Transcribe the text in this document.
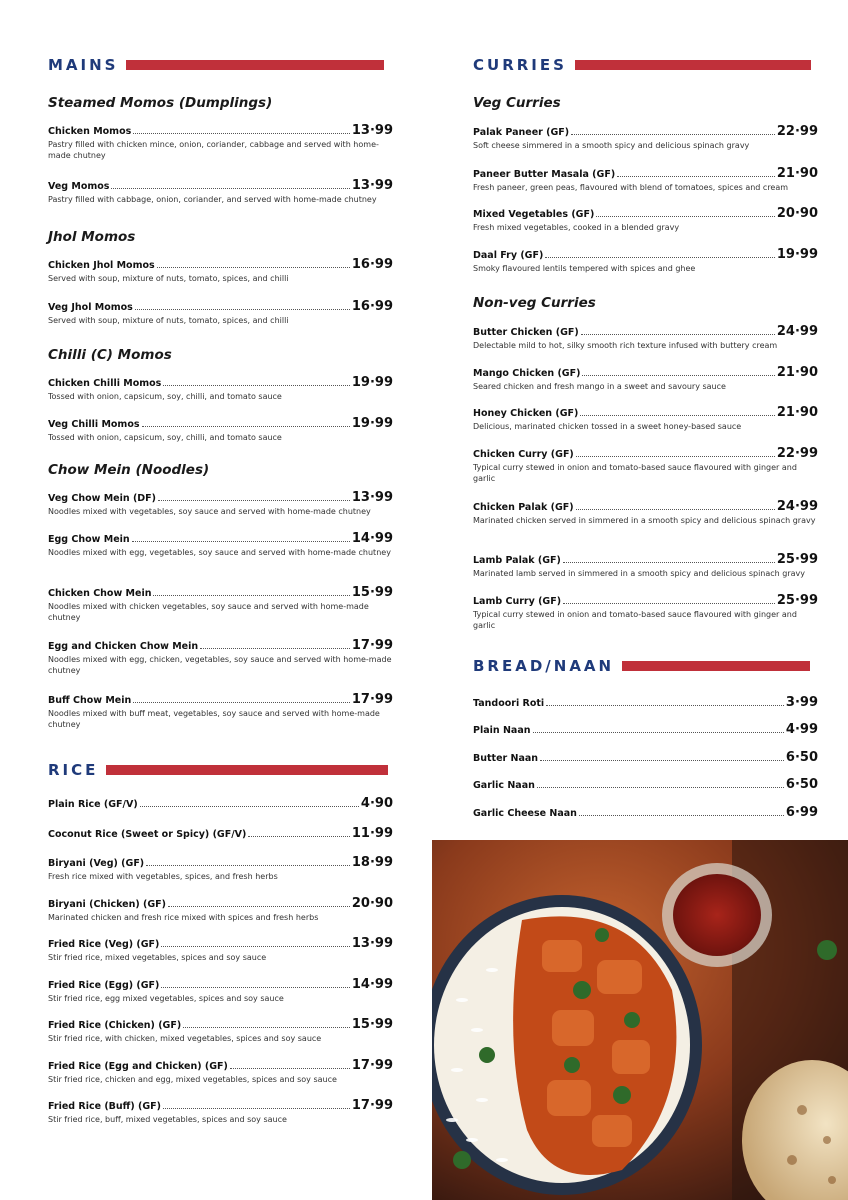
MAINS
Steamed Momos (Dumplings)
Chicken Momos	13·99
Pastry filled with chicken mince, onion, coriander, cabbage and served with home-made chutney
Veg Momos	13·99
Pastry filled with cabbage, onion, coriander, and served with home-made chutney
Jhol Momos
Chicken Jhol Momos	16·99
Served with soup, mixture of nuts, tomato, spices, and chilli
Veg Jhol Momos	16·99
Served with soup, mixture of nuts, tomato, spices, and chilli
Chilli (C) Momos
Chicken Chilli Momos	19·99
Tossed with onion, capsicum, soy, chilli, and tomato sauce
Veg Chilli Momos	19·99
Tossed with onion, capsicum, soy, chilli, and tomato sauce
Chow Mein (Noodles)
Veg Chow Mein (DF)	13·99
Noodles mixed with vegetables, soy sauce and served with home-made chutney
Egg Chow Mein	14·99
Noodles mixed with egg, vegetables, soy sauce and served with home-made chutney
Chicken Chow Mein	15·99
Noodles mixed with chicken vegetables, soy sauce and served with home-made chutney
Egg and Chicken Chow Mein	17·99
Noodles mixed with egg, chicken, vegetables, soy sauce and served with home-made chutney
Buff Chow Mein	17·99
Noodles mixed with buff meat, vegetables, soy sauce and served with home-made chutney
RICE
Plain Rice (GF/V)	4·90
Coconut Rice (Sweet or Spicy) (GF/V)	11·99
Biryani (Veg) (GF)	18·99
Fresh rice mixed with vegetables, spices, and fresh herbs
Biryani (Chicken) (GF)	20·90
Marinated chicken and fresh rice mixed with spices and fresh herbs
Fried Rice (Veg) (GF)	13·99
Stir fried rice, mixed vegetables, spices and soy sauce
Fried Rice (Egg) (GF)	14·99
Stir fried rice, egg mixed vegetables, spices and soy sauce
Fried Rice (Chicken) (GF)	15·99
Stir fried rice, with chicken, mixed vegetables, spices and soy sauce
Fried Rice (Egg and Chicken) (GF)	17·99
Stir fried rice, chicken and egg, mixed vegetables, spices and soy sauce
Fried Rice (Buff) (GF)	17·99
Stir fried rice, buff, mixed vegetables, spices and soy sauce
CURRIES
Veg Curries
Palak Paneer (GF)	22·99
Soft cheese simmered in a smooth spicy and delicious spinach gravy
Paneer Butter Masala (GF)	21·90
Fresh paneer, green peas, flavoured with blend of tomatoes, spices and cream
Mixed Vegetables (GF)	20·90
Fresh mixed vegetables, cooked in a blended gravy
Daal Fry (GF)	19·99
Smoky flavoured lentils tempered with spices and ghee
Non-veg Curries
Butter Chicken (GF)	24·99
Delectable mild to hot, silky smooth rich texture infused with buttery cream
Mango Chicken (GF)	21·90
Seared chicken and fresh mango in a sweet and savoury sauce
Honey Chicken (GF)	21·90
Delicious, marinated chicken tossed in a sweet honey-based sauce
Chicken Curry (GF)	22·99
Typical curry stewed in onion and tomato-based sauce flavoured with ginger and garlic
Chicken Palak (GF)	24·99
Marinated chicken served in simmered in a smooth spicy and delicious spinach gravy
Lamb Palak (GF)	25·99
Marinated lamb served in simmered in a smooth spicy and delicious spinach gravy
Lamb Curry (GF)	25·99
Typical curry stewed in onion and tomato-based sauce flavoured with ginger and garlic
BREAD/NAAN
Tandoori Roti	3·99
Plain Naan	4·99
Butter Naan	6·50
Garlic Naan	6·50
Garlic Cheese Naan	6·99
